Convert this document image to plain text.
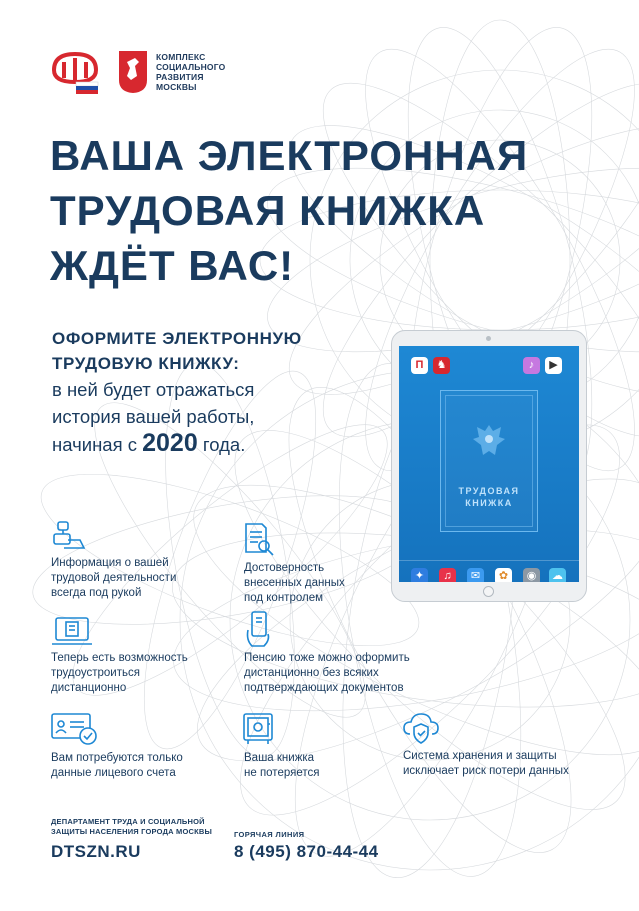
КОМПЛЕКС
СОЦИАЛЬНОГО
РАЗВИТИЯ
МОСКВЫ
ВАША ЭЛЕКТРОННАЯ
ТРУДОВАЯ КНИЖКА
ЖДЁТ ВАС!
ОФОРМИТЕ ЭЛЕКТРОННУЮ
ТРУДОВУЮ КНИЖКУ:
в ней будет отражаться
история вашей работы,
начиная с 2020 года.
П	♞	♪	▶
ТРУДОВАЯ
КНИЖКА
✦	♫	✉	✿	◉	☁
Информация о вашей
трудовой деятельности
всегда под рукой
Достоверность
внесенных данных
под контролем
Теперь есть возможность
трудоустроиться
дистанционно
Пенсию тоже можно оформить
дистанционно без всяких
подтверждающих документов
Вам потребуются только
данные лицевого счета
Ваша книжка
не потеряется
Система хранения и защиты
исключает риск потери данных
ДЕПАРТАМЕНТ ТРУДА И СОЦИАЛЬНОЙ
ЗАЩИТЫ НАСЕЛЕНИЯ ГОРОДА МОСКВЫ
DTSZN.RU
ГОРЯЧАЯ ЛИНИЯ
8 (495) 870-44-44
